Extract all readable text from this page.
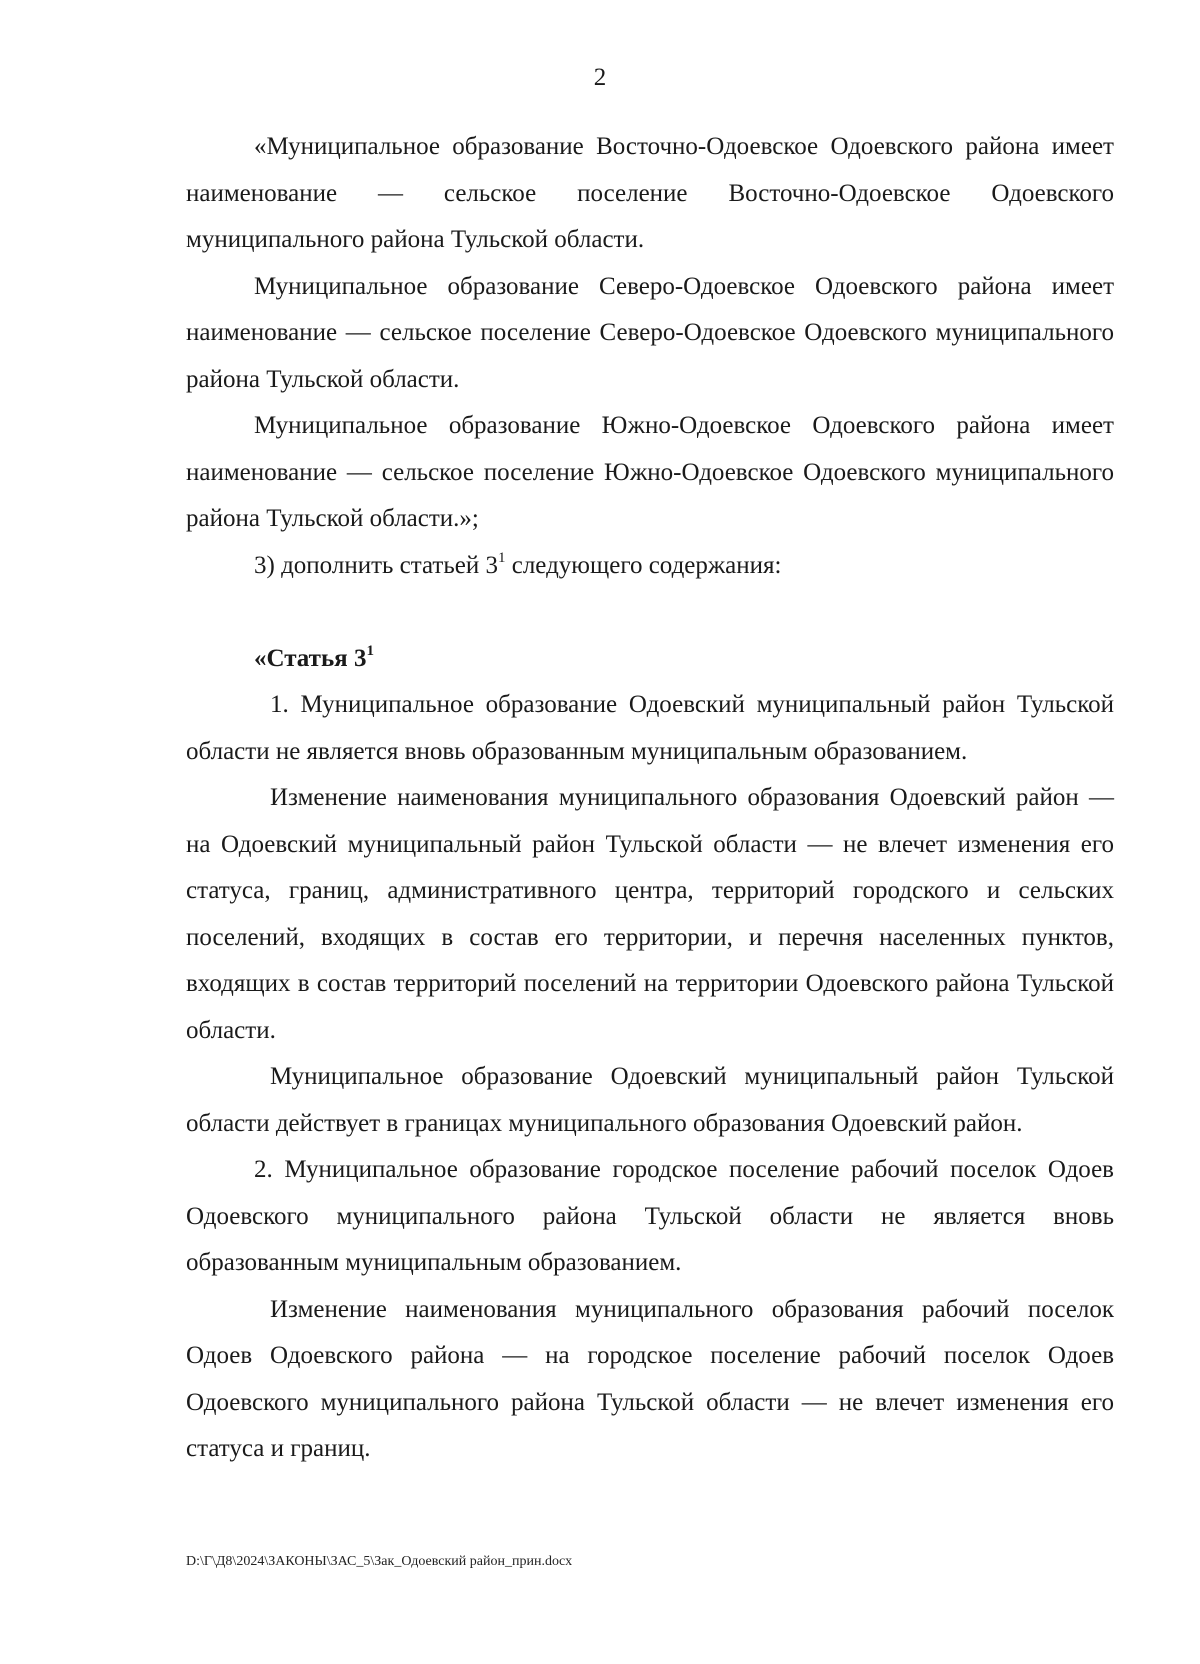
2

«Муниципальное образование Восточно-Одоевское Одоевского района имеет наименование — сельское поселение Восточно-Одоевское Одоевского муниципального района Тульской области.

Муниципальное образование Северо-Одоевское Одоевского района имеет наименование — сельское поселение Северо-Одоевское Одоевского муниципального района Тульской области.

Муниципальное образование Южно-Одоевское Одоевского района имеет наименование — сельское поселение Южно-Одоевское Одоевского муниципального района Тульской области.»;

3) дополнить статьей $3^1$ следующего содержания:

«Статья $3^1$

1. Муниципальное образование Одоевский муниципальный район Тульской области не является вновь образованным муниципальным образованием.

Изменение наименования муниципального образования Одоевский район — на Одоевский муниципальный район Тульской области — не влечет изменения его статуса, границ, административного центра, территорий городского и сельских поселений, входящих в состав его территории, и перечня населенных пунктов, входящих в состав территорий поселений на территории Одоевского района Тульской области.

Муниципальное образование Одоевский муниципальный район Тульской области действует в границах муниципального образования Одоевский район.

2. Муниципальное образование городское поселение рабочий поселок Одоев Одоевского муниципального района Тульской области не является вновь образованным муниципальным образованием.

Изменение наименования муниципального образования рабочий поселок Одоев Одоевского района — на городское поселение рабочий поселок Одоев Одоевского муниципального района Тульской области — не влечет изменения его статуса и границ.

D:\Г\Д8\2024\ЗАКОНЫ\ЗАС_5\Зак_Одоевский район_прин.docx
